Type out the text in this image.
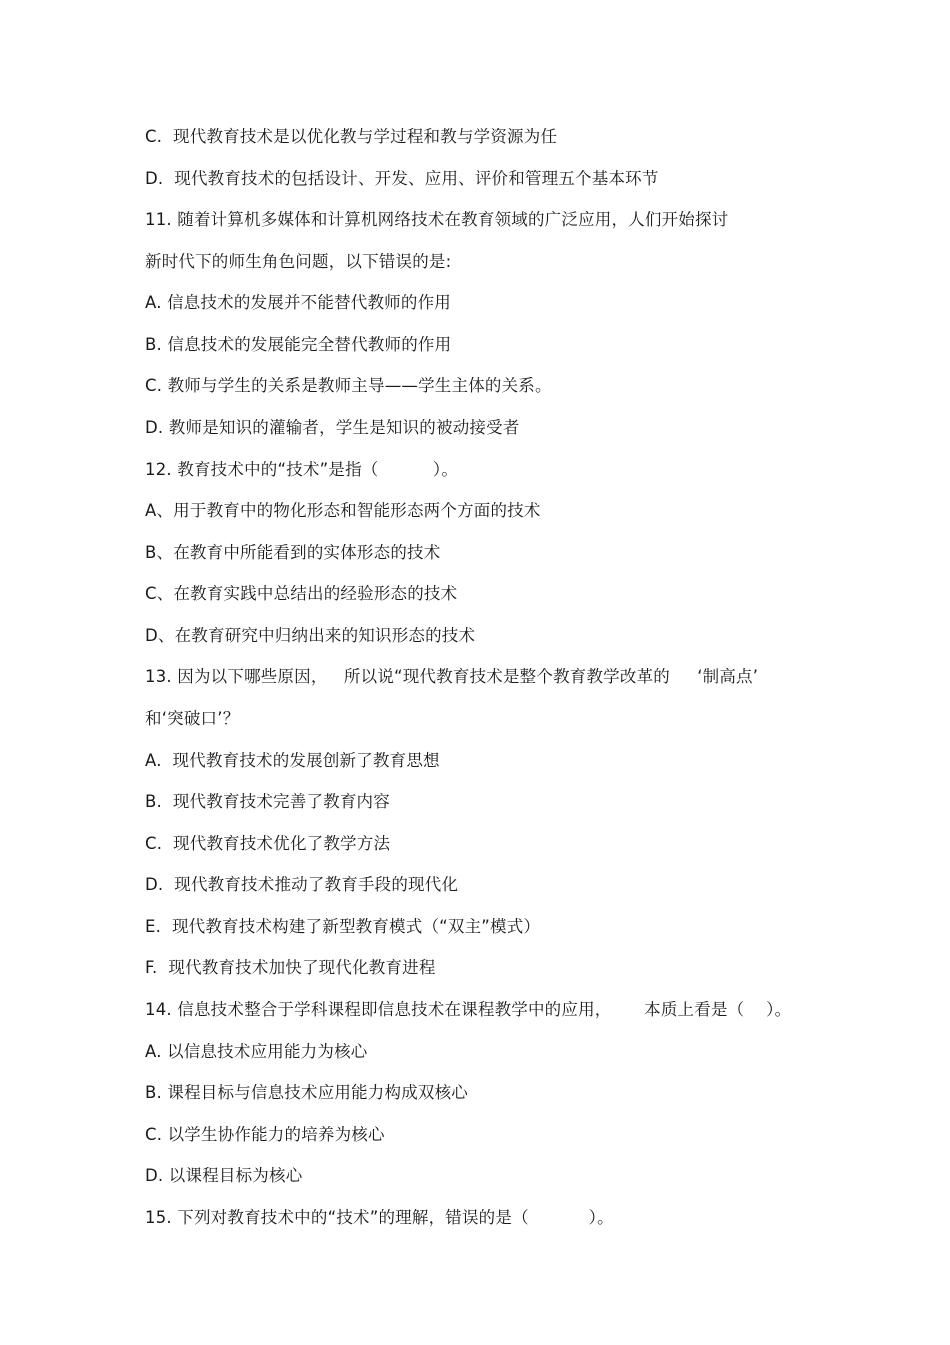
C.  现代教育技术是以优化教与学过程和教与学资源为任
D.  现代教育技术的包括设计、开发、应用、评价和管理五个基本环节
11. 随着计算机多媒体和计算机网络技术在教育领域的广泛应用，人们开始探讨
新时代下的师生角色问题，以下错误的是:
A. 信息技术的发展并不能替代教师的作用
B. 信息技术的发展能完全替代教师的作用
C. 教师与学生的关系是教师主导——学生主体的关系。
D. 教师是知识的灌输者，学生是知识的被动接受者
12. 教育技术中的“技术”是指（          ）。
A、用于教育中的物化形态和智能形态两个方面的技术
B、在教育中所能看到的实体形态的技术
C、在教育实践中总结出的经验形态的技术
D、在教育研究中归纳出来的知识形态的技术
13. 因为以下哪些原因，   所以说“现代教育技术是整个教育教学改革的     ‘制高点’
和‘突破口’？
A.  现代教育技术的发展创新了教育思想
B.  现代教育技术完善了教育内容
C.  现代教育技术优化了教学方法
D.  现代教育技术推动了教育手段的现代化
E.  现代教育技术构建了新型教育模式（“双主”模式）
F.  现代教育技术加快了现代化教育进程
14. 信息技术整合于学科课程即信息技术在课程教学中的应用，      本质上看是（    ）。
A. 以信息技术应用能力为核心
B. 课程目标与信息技术应用能力构成双核心
C. 以学生协作能力的培养为核心
D. 以课程目标为核心
15. 下列对教育技术中的“技术”的理解，错误的是（           ）。
